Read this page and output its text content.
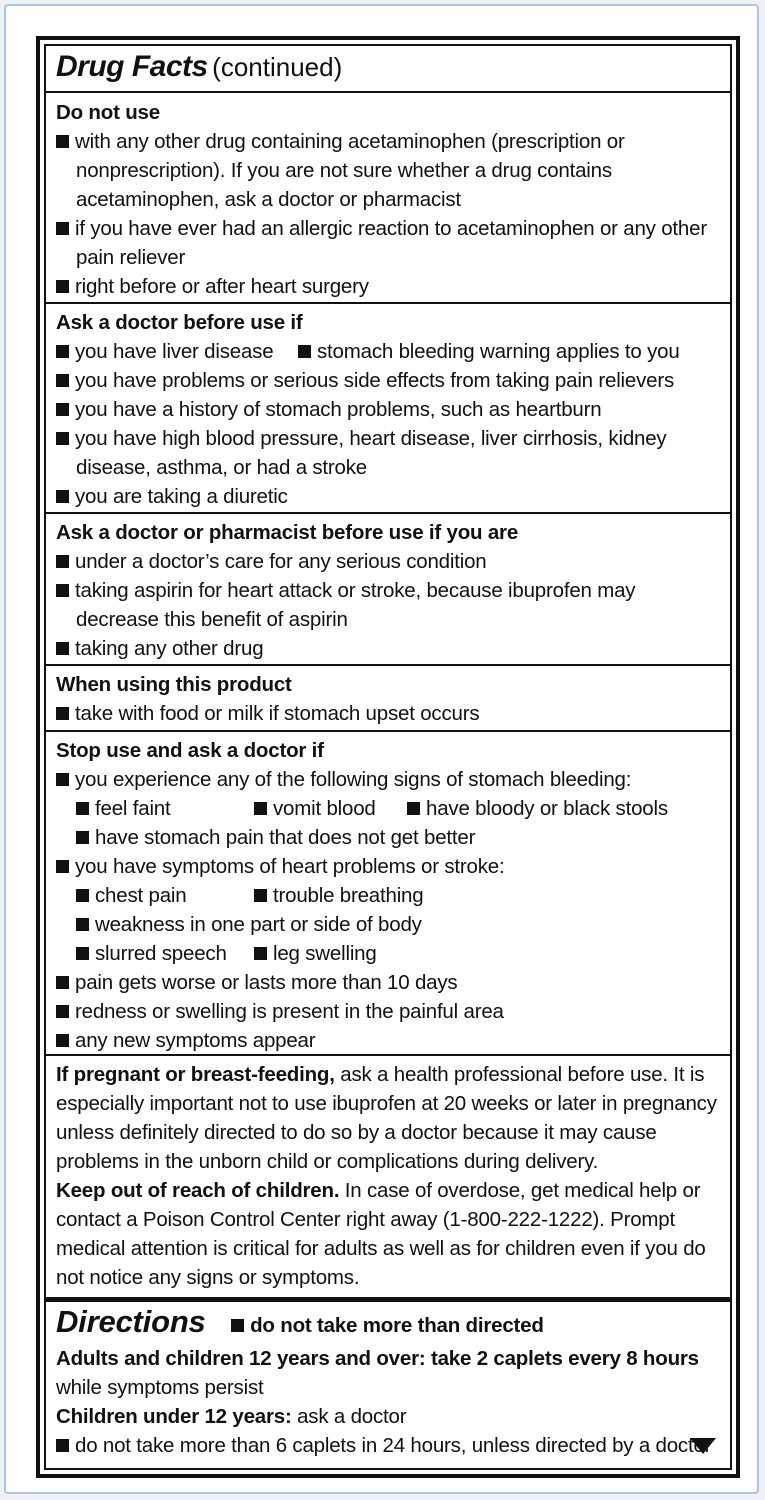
Drug Facts (continued)
Do not use
with any other drug containing acetaminophen (prescription or
nonprescription). If you are not sure whether a drug contains
acetaminophen, ask a doctor or pharmacist
if you have ever had an allergic reaction to acetaminophen or any other
pain reliever
right before or after heart surgery
Ask a doctor before use if
you have liver disease stomach bleeding warning applies to you
you have problems or serious side effects from taking pain relievers
you have a history of stomach problems, such as heartburn
you have high blood pressure, heart disease, liver cirrhosis, kidney
disease, asthma, or had a stroke
you are taking a diuretic
Ask a doctor or pharmacist before use if you are
under a doctor’s care for any serious condition
taking aspirin for heart attack or stroke, because ibuprofen may
decrease this benefit of aspirin
taking any other drug
When using this product
take with food or milk if stomach upset occurs
Stop use and ask a doctor if
you experience any of the following signs of stomach bleeding:
feel faint	vomit blood have bloody or black stools
have stomach pain that does not get better
you have symptoms of heart problems or stroke:
chest pain	trouble breathing
weakness in one part or side of body
slurred speech leg swelling
pain gets worse or lasts more than 10 days
redness or swelling is present in the painful area
any new symptoms appear
If pregnant or breast-feeding, ask a health professional before use. It is
especially important not to use ibuprofen at 20 weeks or later in pregnancy
unless definitely directed to do so by a doctor because it may cause
problems in the unborn child or complications during delivery.
Keep out of reach of children. In case of overdose, get medical help or
contact a Poison Control Center right away (1-800-222-1222). Prompt
medical attention is critical for adults as well as for children even if you do
not notice any signs or symptoms.
Directions do not take more than directed
Adults and children 12 years and over: take 2 caplets every 8 hours
while symptoms persist
Children under 12 years: ask a doctor
do not take more than 6 caplets in 24 hours, unless directed by a doctor
